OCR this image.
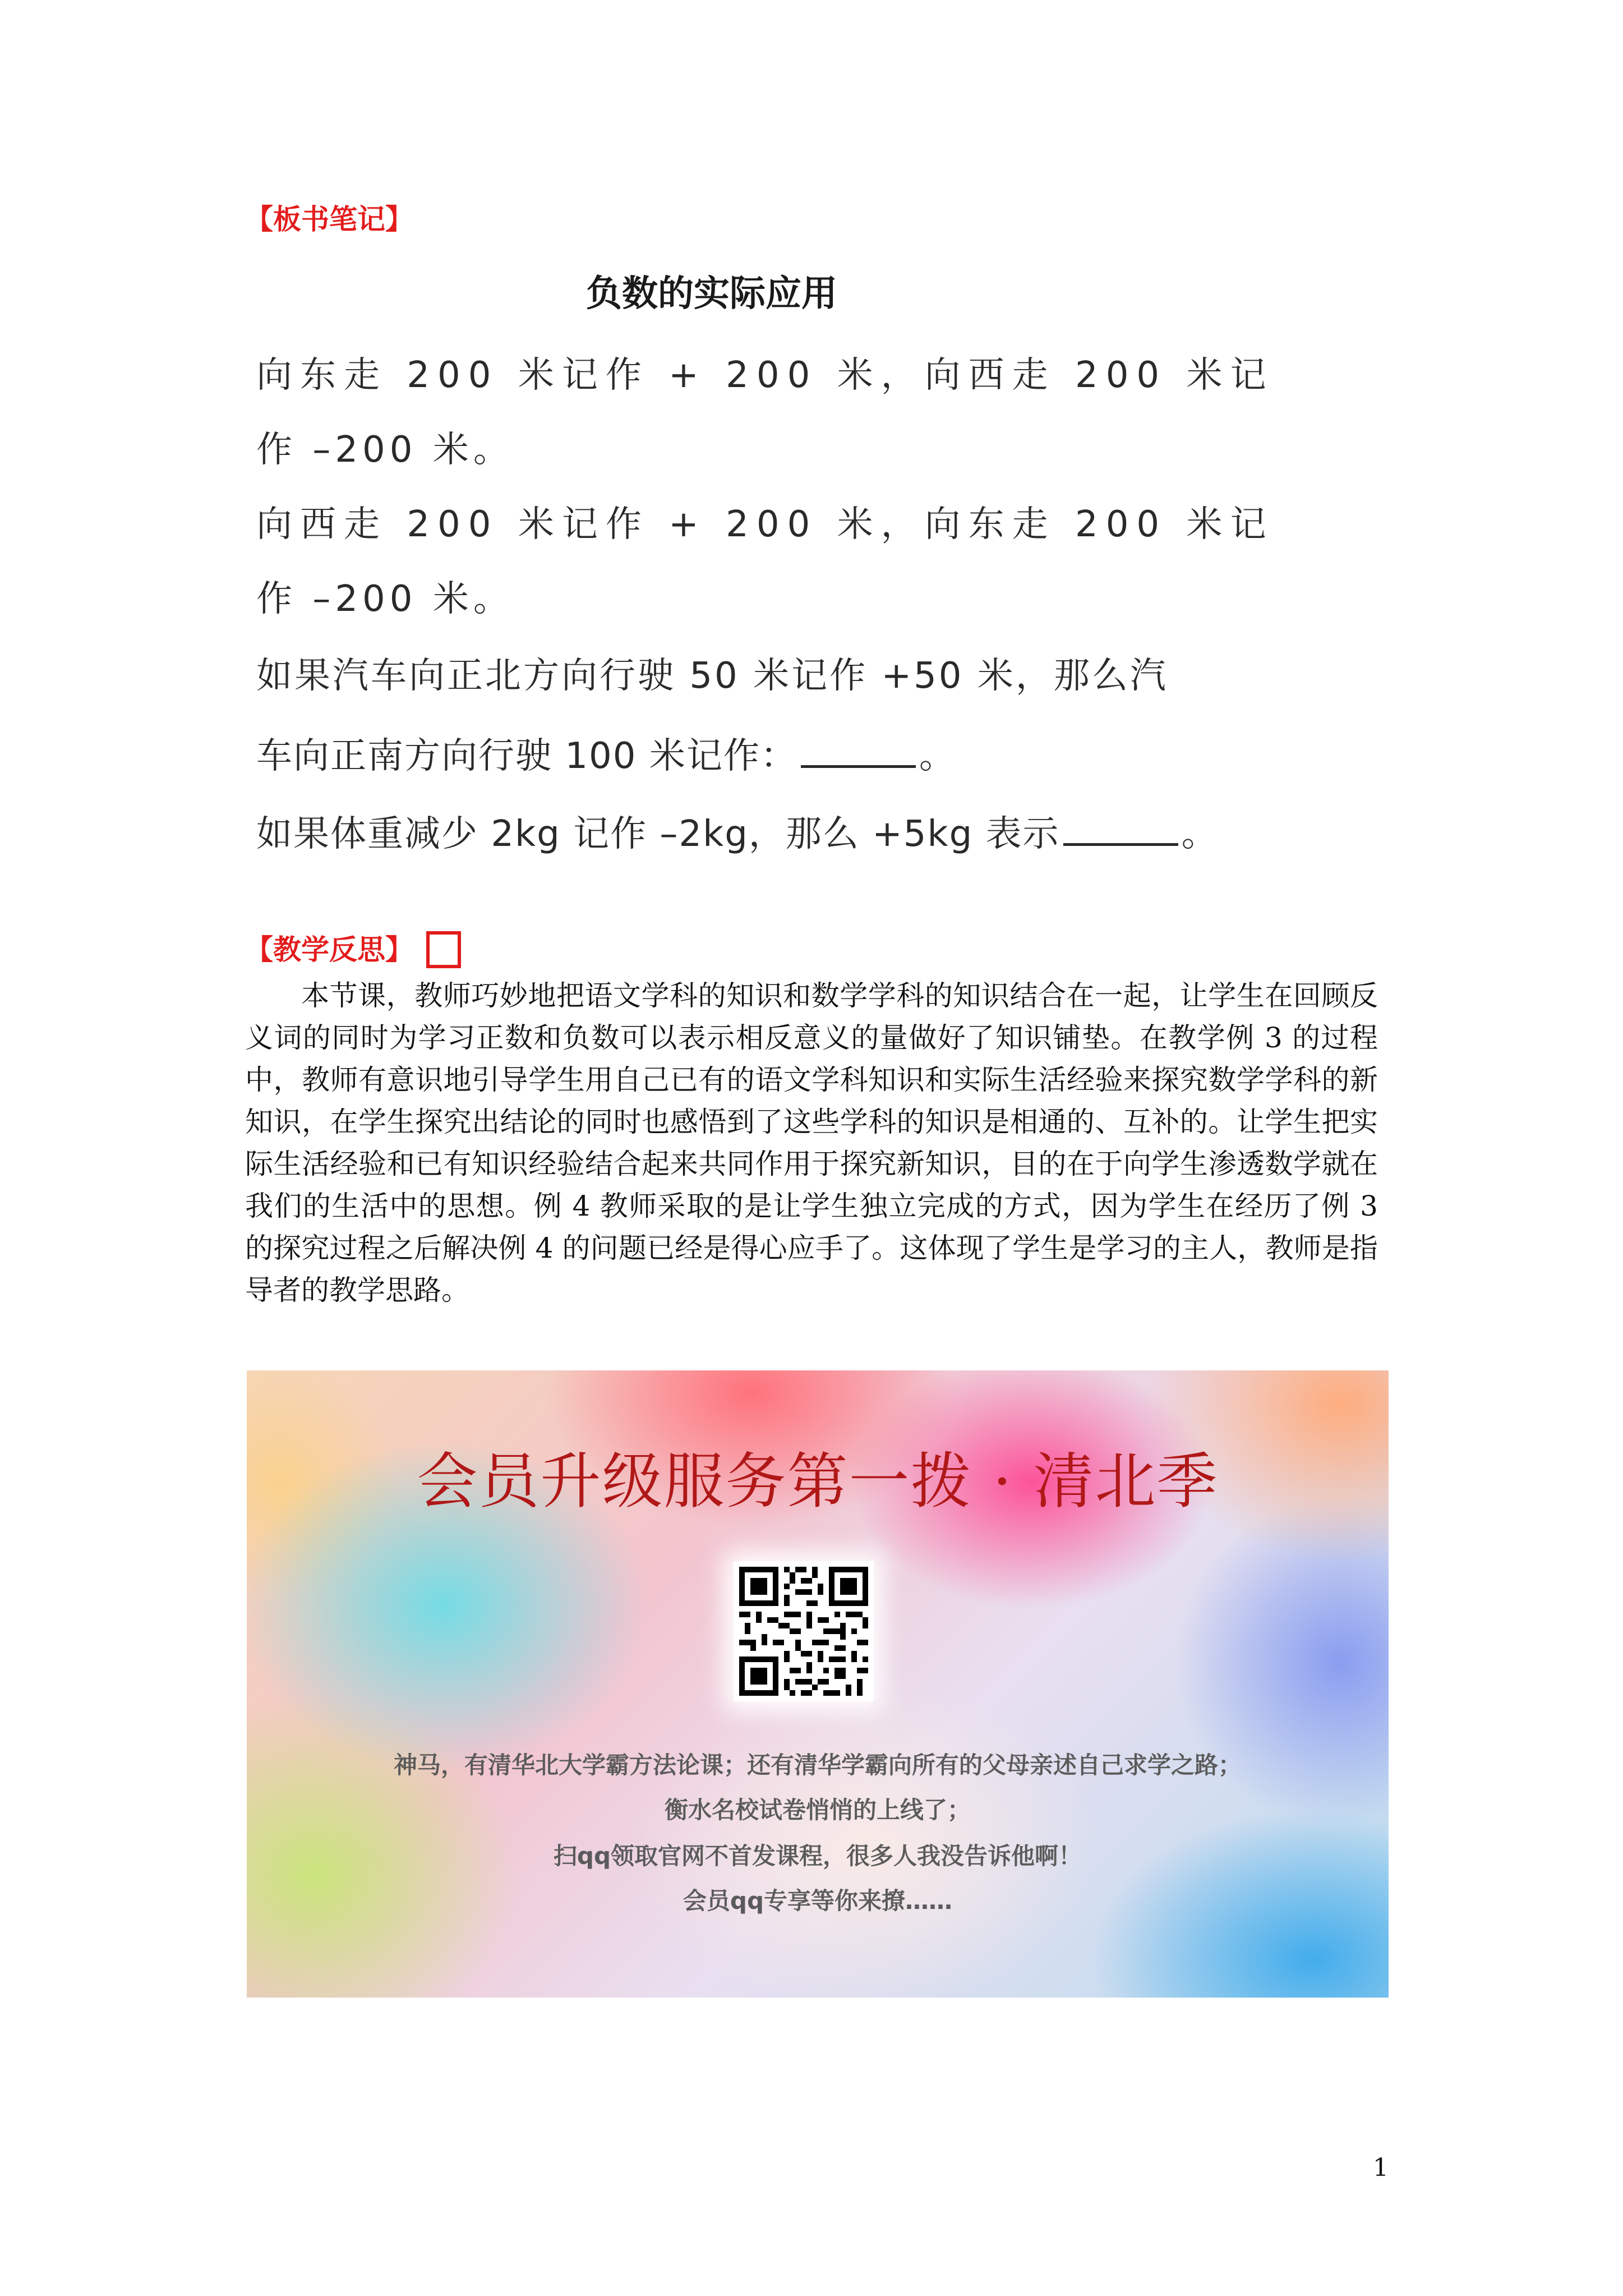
【板书笔记】
负数的实际应用
向东走 200 米记作 + 200 米，向西走 200 米记
作 –200 米。
向西走 200 米记作 + 200 米，向东走 200 米记
作 –200 米。
如果汽车向正北方向行驶 50 米记作 +50 米，那么汽
车向正南方向行驶 100 米记作：	。
如果体重减少 2kg 记作 –2kg，那么 +5kg 表示	。
【教学反思】

本节课，教师巧妙地把语文学科的知识和数学学科的知识结合在一起，让学生在回顾反义词的同时为学习正数和负数可以表示相反意义的量做好了知识铺垫。在教学例 3 的过程中，教师有意识地引导学生用自己已有的语文学科知识和实际生活经验来探究数学学科的新知识，在学生探究出结论的同时也感悟到了这些学科的知识是相通的、互补的。让学生把实际生活经验和已有知识经验结合起来共同作用于探究新知识，目的在于向学生渗透数学就在我们的生活中的思想。例 4 教师采取的是让学生独立完成的方式，因为学生在经历了例 3 的探究过程之后解决例 4 的问题已经是得心应手了。这体现了学生是学习的主人，教师是指导者的教学思路。

会员升级服务第一拨 · 清北季
神马，有清华北大学霸方法论课；还有清华学霸向所有的父母亲述自己求学之路；
衡水名校试卷悄悄的上线了；
扫qq领取官网不首发课程，很多人我没告诉他啊！
会员qq专享等你来撩……
1
